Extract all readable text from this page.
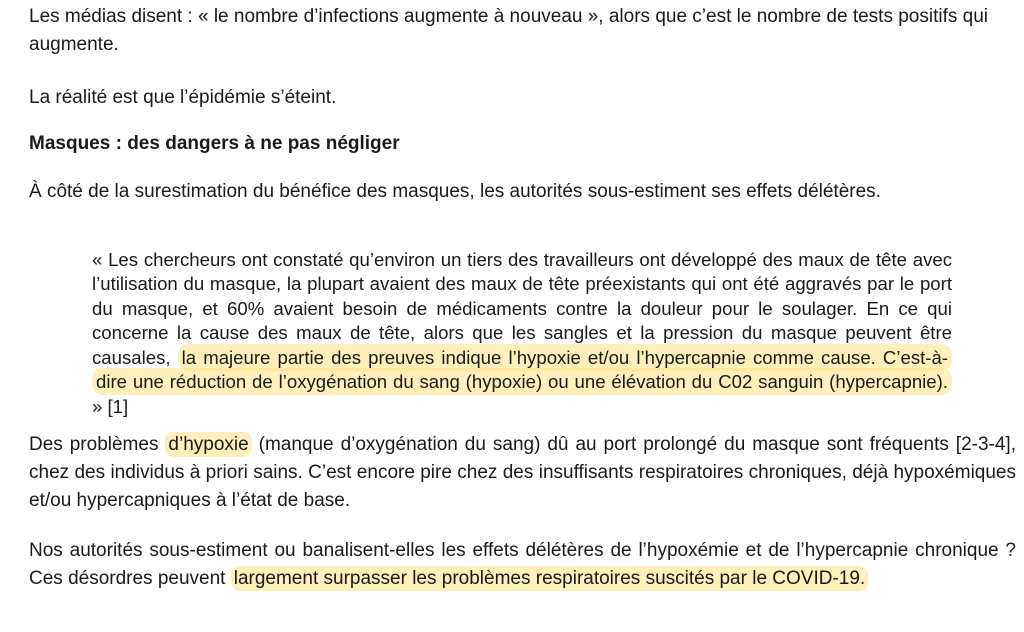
Les médias disent : « le nombre d’infections augmente à nouveau », alors que c’est le nombre de tests positifs qui augmente.

La réalité est que l’épidémie s’éteint.

Masques : des dangers à ne pas négliger

À côté de la surestimation du bénéfice des masques, les autorités sous-estiment ses effets délétères.

« Les chercheurs ont constaté qu’environ un tiers des travailleurs ont développé des maux de tête avec l’utilisation du masque, la plupart avaient des maux de tête préexistants qui ont été aggravés par le port du masque, et 60% avaient besoin de médicaments contre la douleur pour le soulager. En ce qui concerne la cause des maux de tête, alors que les sangles et la pression du masque peuvent être causales, la majeure partie des preuves indique l’hypoxie et/ou l’hypercapnie comme cause. C’est-à-dire une réduction de l’oxygénation du sang (hypoxie) ou une élévation du C02 sanguin (hypercapnie). » [1]

Des problèmes d’hypoxie (manque d’oxygénation du sang) dû au port prolongé du masque sont fréquents [2-3-4], chez des individus à priori sains. C’est encore pire chez des insuffisants respiratoires chroniques, déjà hypoxémiques et/ou hypercapniques à l’état de base.

Nos autorités sous-estiment ou banalisent-elles les effets délétères de l’hypoxémie et de l’hypercapnie chronique ? Ces désordres peuvent largement surpasser les problèmes respiratoires suscités par le COVID-19.
